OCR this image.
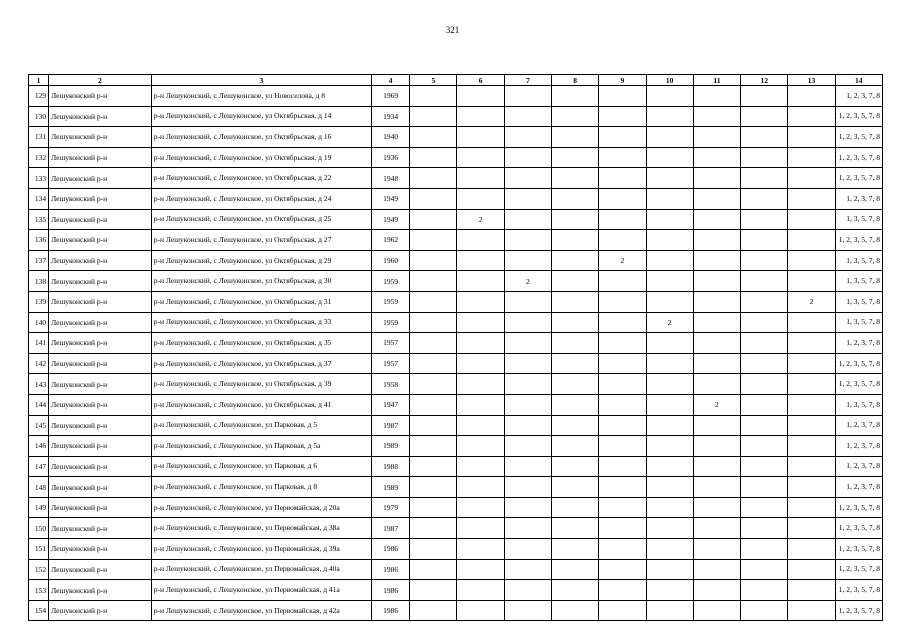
321
1	2	3	4	5	6	7	8	9	10	11	12	13	14
129	Лешуконский р-н	р-н Лешуконский, с Лешуконское, ул Новоселова, д 8	1969										1, 2, 3, 7, 8
130	Лешуконский р-н	р-н Лешуконский, с Лешуконское, ул Октябрьская, д 14	1934										1, 2, 3, 5, 7, 8
131	Лешуконский р-н	р-н Лешуконский, с Лешуконское, ул Октябрьская, д 16	1940										1, 2, 3, 5, 7, 8
132	Лешуконский р-н	р-н Лешуконский, с Лешуконское, ул Октябрьская, д 19	1936										1, 2, 3, 5, 7, 8
133	Лешуконский р-н	р-н Лешуконский, с Лешуконское, ул Октябрьская, д 22	1948										1, 2, 3, 5, 7, 8
134	Лешуконский р-н	р-н Лешуконский, с Лешуконское, ул Октябрьская, д 24	1949										1, 2, 3, 7, 8
135	Лешуконский р-н	р-н Лешуконский, с Лешуконское, ул Октябрьская, д 25	1949		2								1, 3, 5, 7, 8
136	Лешуконский р-н	р-н Лешуконский, с Лешуконское, ул Октябрьская, д 27	1962										1, 2, 3, 5, 7, 8
137	Лешуконский р-н	р-н Лешуконский, с Лешуконское, ул Октябрьская, д 29	1960					2					1, 3, 5, 7, 8
138	Лешуконский р-н	р-н Лешуконский, с Лешуконское, ул Октябрьская, д 30	1959			2							1, 3, 5, 7, 8
139	Лешуконский р-н	р-н Лешуконский, с Лешуконское, ул Октябрьская, д 31	1959									2	1, 3, 5, 7, 8
140	Лешуконский р-н	р-н Лешуконский, с Лешуконское, ул Октябрьская, д 33	1959						2				1, 3, 5, 7, 8
141	Лешуконский р-н	р-н Лешуконский, с Лешуконское, ул Октябрьская, д 35	1957										1, 2, 3, 7, 8
142	Лешуконский р-н	р-н Лешуконский, с Лешуконское, ул Октябрьская, д 37	1957										1, 2, 3, 5, 7, 8
143	Лешуконский р-н	р-н Лешуконский, с Лешуконское, ул Октябрьская, д 39	1958										1, 2, 3, 5, 7, 8
144	Лешуконский р-н	р-н Лешуконский, с Лешуконское, ул Октябрьская, д 41	1947							2			1, 3, 5, 7, 8
145	Лешуконский р-н	р-н Лешуконский, с Лешуконское, ул Парковая, д 5	1987										1, 2, 3, 7, 8
146	Лешуконский р-н	р-н Лешуконский, с Лешуконское, ул Парковая, д 5а	1989										1, 2, 3, 7, 8
147	Лешуконский р-н	р-н Лешуконский, с Лешуконское, ул Парковая, д 6	1988										1, 2, 3, 7, 8
148	Лешуконский р-н	р-н Лешуконский, с Лешуконское, ул Парковая, д 8	1989										1, 2, 3, 7, 8
149	Лешуконский р-н	р-н Лешуконский, с Лешуконское, ул Первомайская, д 20а	1979										1, 2, 3, 5, 7, 8
150	Лешуконский р-н	р-н Лешуконский, с Лешуконское, ул Первомайская, д 38а	1987										1, 2, 3, 5, 7, 8
151	Лешуконский р-н	р-н Лешуконский, с Лешуконское, ул Первомайская, д 39а	1986										1, 2, 3, 5, 7, 8
152	Лешуконский р-н	р-н Лешуконский, с Лешуконское, ул Первомайская, д 40а	1986										1, 2, 3, 5, 7, 8
153	Лешуконский р-н	р-н Лешуконский, с Лешуконское, ул Первомайская, д 41а	1986										1, 2, 3, 5, 7, 8
154	Лешуконский р-н	р-н Лешуконский, с Лешуконское, ул Первомайская, д 42а	1986										1, 2, 3, 5, 7, 8
